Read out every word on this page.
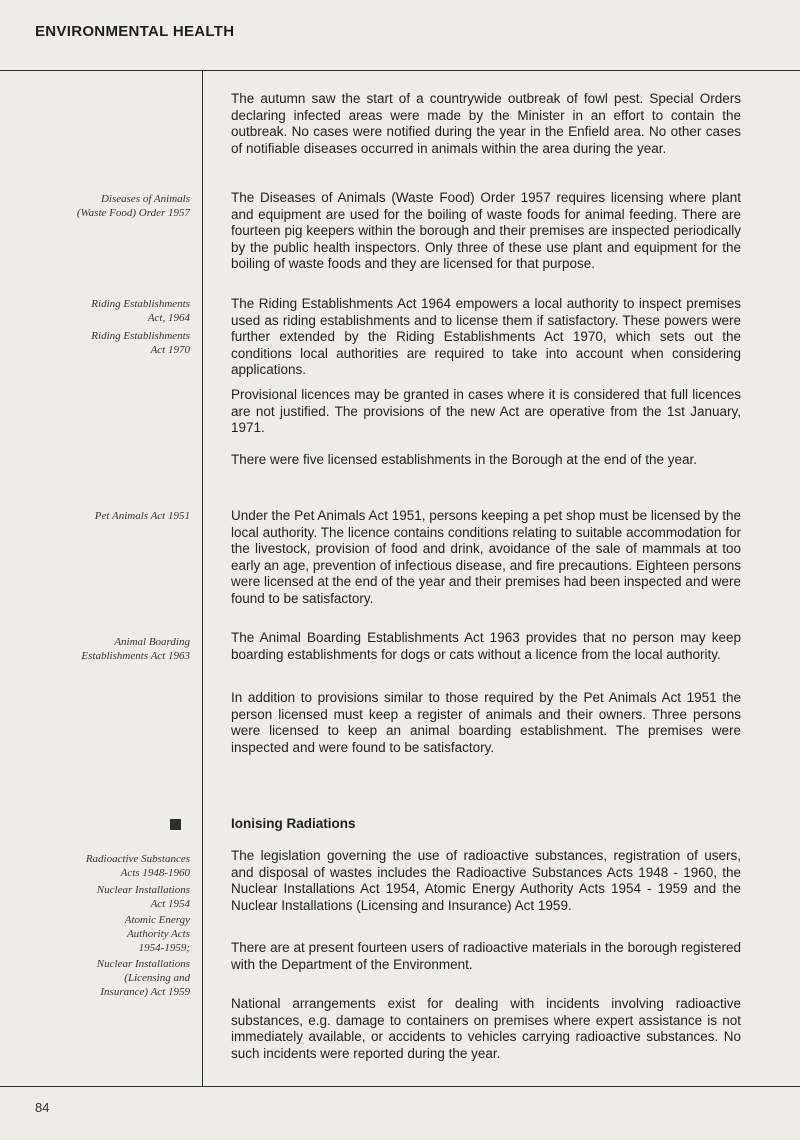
ENVIRONMENTAL HEALTH
Diseases of Animals
(Waste Food) Order 1957
Riding Establishments
Act, 1964
Riding Establishments
Act 1970
Pet Animals Act 1951
Animal Boarding
Establishments Act 1963
Radioactive Substances
Acts 1948-1960
Nuclear Installations
Act 1954
Atomic Energy
Authority Acts
1954-1959;
Nuclear Installations
(Licensing and
Insurance) Act 1959
The autumn saw the start of a countrywide outbreak of fowl pest. Special Orders declaring infected areas were made by the Minister in an effort to contain the outbreak. No cases were notified during the year in the Enfield area. No other cases of notifiable diseases occurred in animals within the area during the year.
The Diseases of Animals (Waste Food) Order 1957 requires licensing where plant and equipment are used for the boiling of waste foods for animal feeding. There are fourteen pig keepers within the borough and their premises are inspected periodically by the public health inspectors. Only three of these use plant and equipment for the boiling of waste foods and they are licensed for that purpose.
The Riding Establishments Act 1964 empowers a local authority to inspect premises used as riding establishments and to license them if satisfactory. These powers were further extended by the Riding Establishments Act 1970, which sets out the conditions local authorities are required to take into account when considering applications.
Provisional licences may be granted in cases where it is considered that full licences are not justified. The provisions of the new Act are operative from the 1st January, 1971.
There were five licensed establishments in the Borough at the end of the year.
Under the Pet Animals Act 1951, persons keeping a pet shop must be licensed by the local authority. The licence contains conditions relating to suitable accommodation for the livestock, provision of food and drink, avoidance of the sale of mammals at too early an age, prevention of infectious disease, and fire precautions. Eighteen persons were licensed at the end of the year and their premises had been inspected and were found to be satisfactory.
The Animal Boarding Establishments Act 1963 provides that no person may keep boarding establishments for dogs or cats without a licence from the local authority.
In addition to provisions similar to those required by the Pet Animals Act 1951 the person licensed must keep a register of animals and their owners. Three persons were licensed to keep an animal boarding establishment. The premises were inspected and were found to be satisfactory.
Ionising Radiations
The legislation governing the use of radioactive substances, registration of users, and disposal of wastes includes the Radioactive Substances Acts 1948 - 1960, the Nuclear Installations Act 1954, Atomic Energy Authority Acts 1954 - 1959 and the Nuclear Installations (Licensing and Insurance) Act 1959.
There are at present fourteen users of radioactive materials in the borough registered with the Department of the Environment.
National arrangements exist for dealing with incidents involving radioactive substances, e.g. damage to containers on premises where expert assistance is not immediately available, or accidents to vehicles carrying radioactive substances. No such incidents were reported during the year.
84
